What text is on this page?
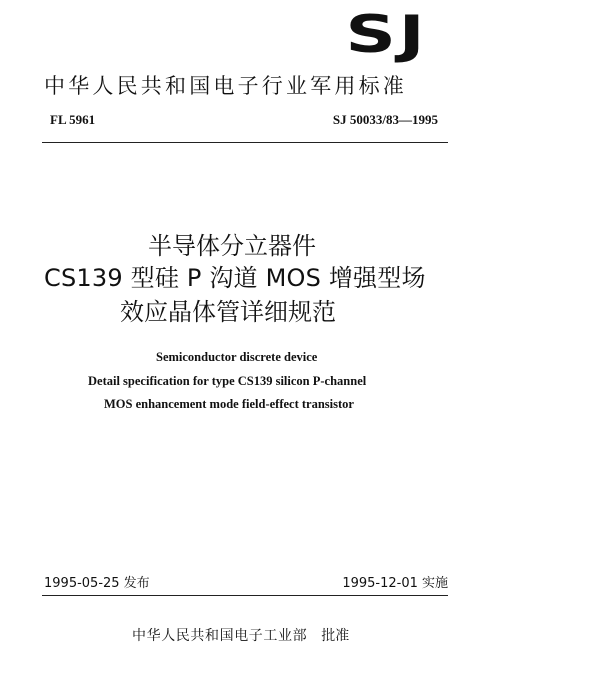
SJ
中华人民共和国电子行业军用标准
FL 5961	SJ 50033/83—1995
半导体分立器件
CS139 型硅 P 沟道 MOS 增强型场
效应晶体管详细规范
Semiconductor discrete device
Detail specification for type CS139 silicon P-channel
MOS enhancement mode field-effect transistor
1995-05-25 发布	1995-12-01 实施
中华人民共和国电子工业部 批准
